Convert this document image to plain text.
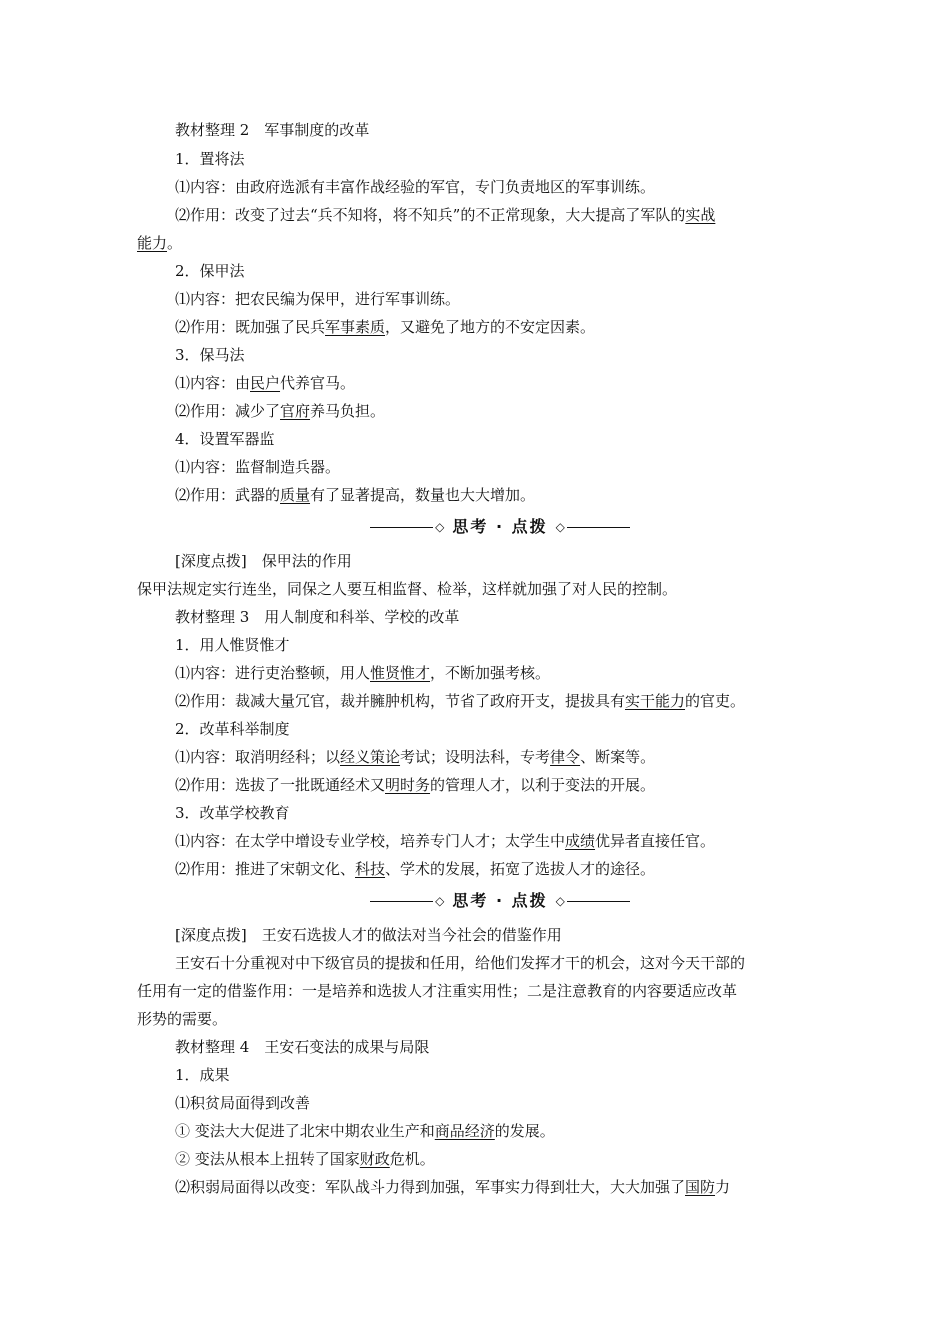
教材整理 2　军事制度的改革
1．置将法
⑴内容：由政府选派有丰富作战经验的军官，专门负责地区的军事训练。
⑵作用：改变了过去“兵不知将，将不知兵”的不正常现象，大大提高了军队的实战
能力。
2．保甲法
⑴内容：把农民编为保甲，进行军事训练。
⑵作用：既加强了民兵军事素质，又避免了地方的不安定因素。
3．保马法
⑴内容：由民户代养官马。
⑵作用：减少了官府养马负担。
4．设置军器监
⑴内容：监督制造兵器。
⑵作用：武器的质量有了显著提高，数量也大大增加。
◇ 思考 · 点拨 ◇
[深度点拨]　保甲法的作用
保甲法规定实行连坐，同保之人要互相监督、检举，这样就加强了对人民的控制。
教材整理 3　用人制度和科举、学校的改革
1．用人惟贤惟才
⑴内容：进行吏治整顿，用人惟贤惟才，不断加强考核。
⑵作用：裁减大量冗官，裁并臃肿机构，节省了政府开支，提拔具有实干能力的官吏。
2．改革科举制度
⑴内容：取消明经科；以经义策论考试；设明法科，专考律令、断案等。
⑵作用：选拔了一批既通经术又明时务的管理人才，以利于变法的开展。
3．改革学校教育
⑴内容：在太学中增设专业学校，培养专门人才；太学生中成绩优异者直接任官。
⑵作用：推进了宋朝文化、科技、学术的发展，拓宽了选拔人才的途径。
◇ 思考 · 点拨 ◇
[深度点拨]　王安石选拔人才的做法对当今社会的借鉴作用
王安石十分重视对中下级官员的提拔和任用，给他们发挥才干的机会，这对今天干部的
任用有一定的借鉴作用：一是培养和选拔人才注重实用性；二是注意教育的内容要适应改革
形势的需要。
教材整理 4　王安石变法的成果与局限
1．成果
⑴积贫局面得到改善
① 变法大大促进了北宋中期农业生产和商品经济的发展。
② 变法从根本上扭转了国家财政危机。
⑵积弱局面得以改变：军队战斗力得到加强，军事实力得到壮大，大大加强了国防力
